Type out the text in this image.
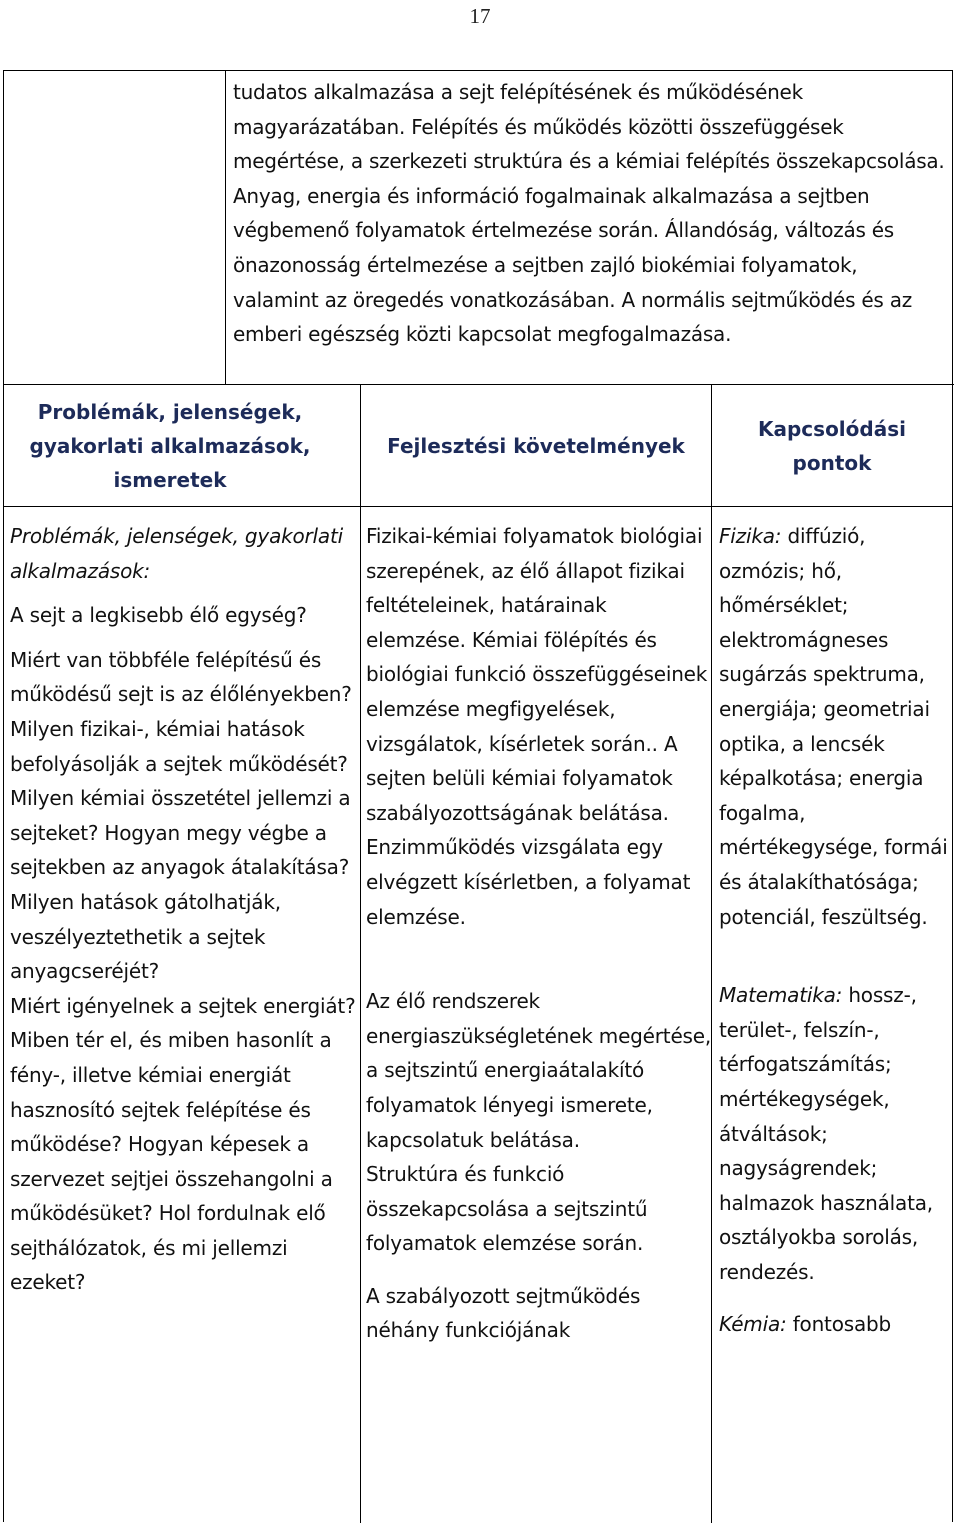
17
tudatos alkalmazása a sejt felépítésének és működésének magyarázatában. Felépítés és működés közötti összefüggések megértése, a szerkezeti struktúra és a kémiai felépítés összekapcsolása. Anyag, energia és információ fogalmainak alkalmazása a sejtben végbemenő folyamatok értelmezése során. Állandóság, változás és önazonosság értelmezése a sejtben zajló biokémiai folyamatok, valamint az öregedés vonatkozásában. A normális sejtműködés és az emberi egészség közti kapcsolat megfogalmazása.
Problémák, jelenségek, gyakorlati alkalmazások, ismeretek
Fejlesztési követelmények
Kapcsolódási pontok

Problémák, jelenségek, gyakorlati alkalmazások:

A sejt a legkisebb élő egység?

Miért van többféle felépítésű és működésű sejt is az élőlényekben? Milyen fizikai-, kémiai hatások befolyásolják a sejtek működését? Milyen kémiai összetétel jellemzi a sejteket? Hogyan megy végbe a sejtekben az anyagok átalakítása? Milyen hatások gátolhatják, veszélyeztethetik a sejtek anyagcseréjét?

Miért igényelnek a sejtek energiát? Miben tér el, és miben hasonlít a fény-, illetve kémiai energiát hasznosító sejtek felépítése és működése? Hogyan képesek a szervezet sejtjei összehangolni a működésüket? Hol fordulnak elő sejthálózatok, és mi jellemzi ezeket?

Fizikai-kémiai folyamatok biológiai szerepének, az élő állapot fizikai feltételeinek, határainak elemzése. Kémiai fölépítés és biológiai funkció összefüggéseinek elemzése megfigyelések, vizsgálatok, kísérletek során.. A sejten belüli kémiai folyamatok szabályozottságának belátása. Enzimműködés vizsgálata egy elvégzett kísérletben, a folyamat elemzése.

Az élő rendszerek energiaszükségletének megértése, a sejtszintű energiaátalakító folyamatok lényegi ismerete, kapcsolatuk belátása.

Struktúra és funkció összekapcsolása a sejtszintű folyamatok elemzése során.

A szabályozott sejtműködés néhány funkciójának

Fizika: diffúzió, ozmózis; hő, hőmérséklet; elektromágneses sugárzás spektruma, energiája; geometriai optika, a lencsék képalkotása; energia fogalma, mértékegysége, formái és átalakíthatósága; potenciál, feszültség.

Matematika: hossz-, terület-, felszín-, térfogatszámítás; mértékegységek, átváltások; nagyságrendek; halmazok használata, osztályokba sorolás, rendezés.

Kémia: fontosabb
